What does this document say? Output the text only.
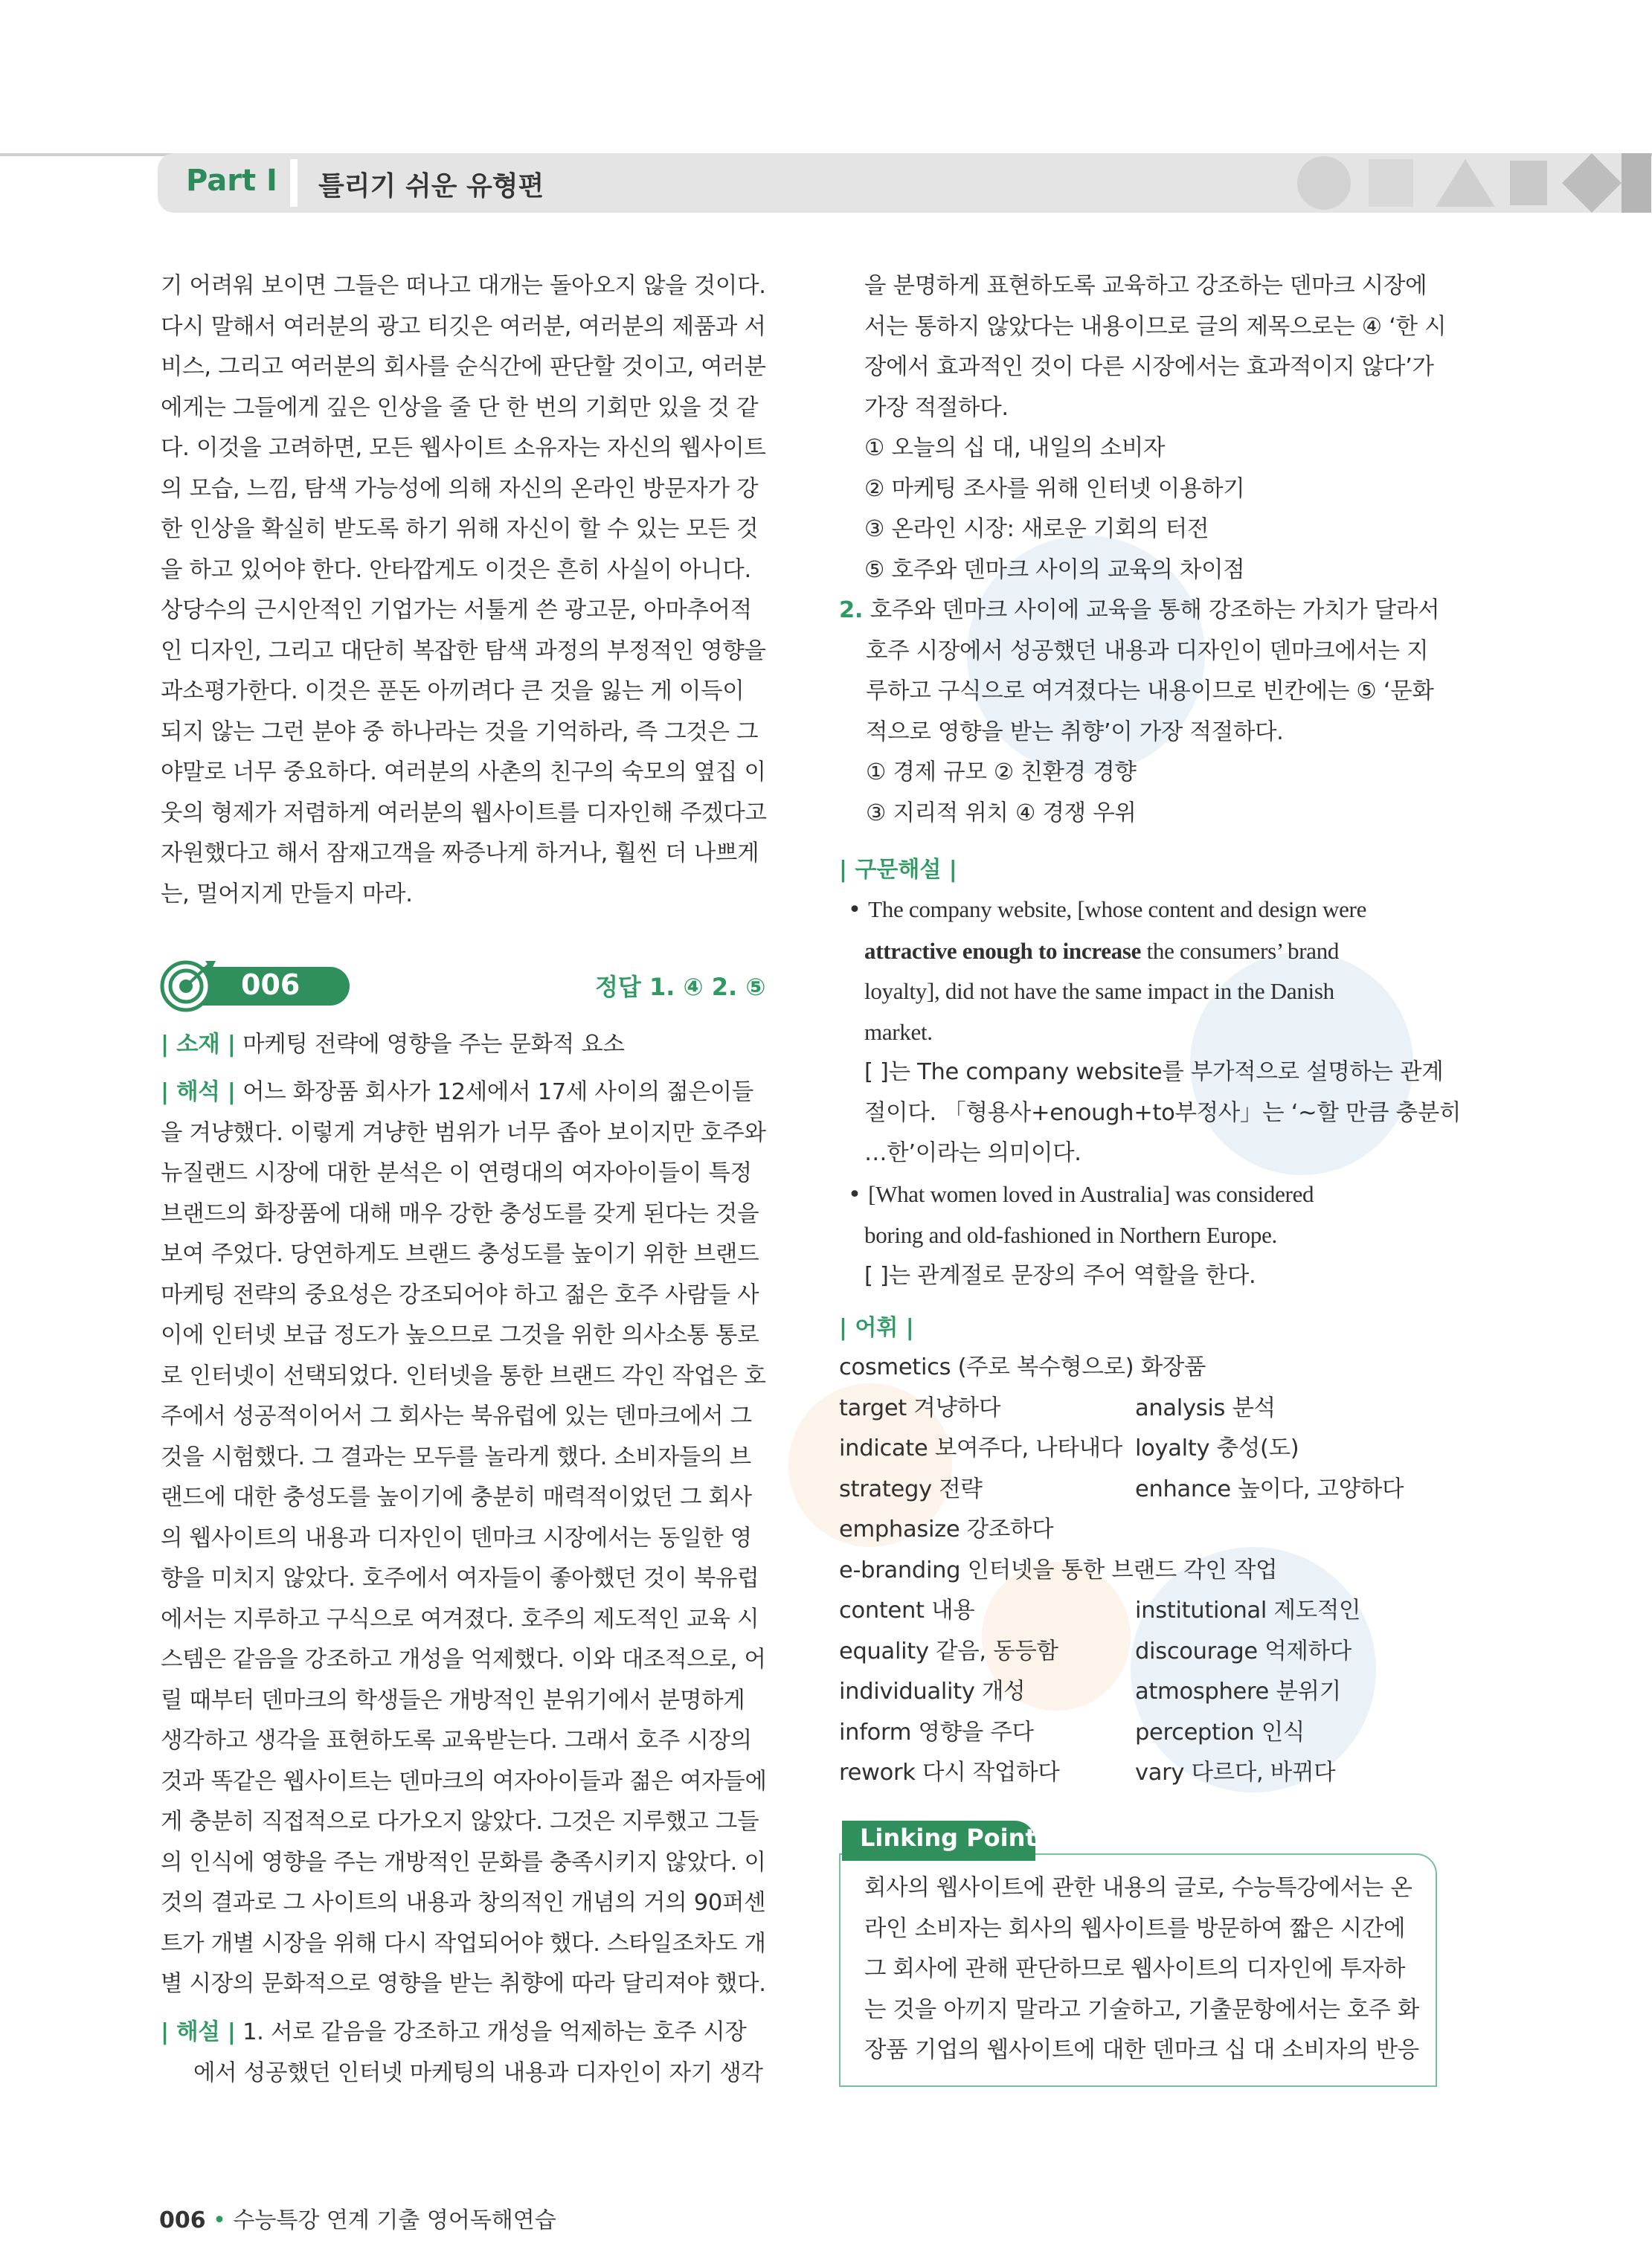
Part I 틀리기 쉬운 유형편

기 어려워 보이면 그들은 떠나고 대개는 돌아오지 않을 것이다.

다시 말해서 여러분의 광고 티깃은 여러분, 여러분의 제품과 서

비스, 그리고 여러분의 회사를 순식간에 판단할 것이고, 여러분

에게는 그들에게 깊은 인상을 줄 단 한 번의 기회만 있을 것 같

다. 이것을 고려하면, 모든 웹사이트 소유자는 자신의 웹사이트

의 모습, 느낌, 탐색 가능성에 의해 자신의 온라인 방문자가 강

한 인상을 확실히 받도록 하기 위해 자신이 할 수 있는 모든 것

을 하고 있어야 한다. 안타깝게도 이것은 흔히 사실이 아니다.

상당수의 근시안적인 기업가는 서툴게 쓴 광고문, 아마추어적

인 디자인, 그리고 대단히 복잡한 탐색 과정의 부정적인 영향을

과소평가한다. 이것은 푼돈 아끼려다 큰 것을 잃는 게 이득이

되지 않는 그런 분야 중 하나라는 것을 기억하라, 즉 그것은 그

야말로 너무 중요하다. 여러분의 사촌의 친구의 숙모의 옆집 이

웃의 형제가 저렴하게 여러분의 웹사이트를 디자인해 주겠다고

자원했다고 해서 잠재고객을 짜증나게 하거나, 훨씬 더 나쁘게

는, 멀어지게 만들지 마라.

006	정답 1. ④ 2. ⑤
| 소재 | 마케팅 전략에 영향을 주는 문화적 요소

| 해석 | 어느 화장품 회사가 12세에서 17세 사이의 젊은이들

을 겨냥했다. 이렇게 겨냥한 범위가 너무 좁아 보이지만 호주와

뉴질랜드 시장에 대한 분석은 이 연령대의 여자아이들이 특정

브랜드의 화장품에 대해 매우 강한 충성도를 갖게 된다는 것을

보여 주었다. 당연하게도 브랜드 충성도를 높이기 위한 브랜드

마케팅 전략의 중요성은 강조되어야 하고 젊은 호주 사람들 사

이에 인터넷 보급 정도가 높으므로 그것을 위한 의사소통 통로

로 인터넷이 선택되었다. 인터넷을 통한 브랜드 각인 작업은 호

주에서 성공적이어서 그 회사는 북유럽에 있는 덴마크에서 그

것을 시험했다. 그 결과는 모두를 놀라게 했다. 소비자들의 브

랜드에 대한 충성도를 높이기에 충분히 매력적이었던 그 회사

의 웹사이트의 내용과 디자인이 덴마크 시장에서는 동일한 영

향을 미치지 않았다. 호주에서 여자들이 좋아했던 것이 북유럽

에서는 지루하고 구식으로 여겨졌다. 호주의 제도적인 교육 시

스템은 같음을 강조하고 개성을 억제했다. 이와 대조적으로, 어

릴 때부터 덴마크의 학생들은 개방적인 분위기에서 분명하게

생각하고 생각을 표현하도록 교육받는다. 그래서 호주 시장의

것과 똑같은 웹사이트는 덴마크의 여자아이들과 젊은 여자들에

게 충분히 직접적으로 다가오지 않았다. 그것은 지루했고 그들

의 인식에 영향을 주는 개방적인 문화를 충족시키지 않았다. 이

것의 결과로 그 사이트의 내용과 창의적인 개념의 거의 90퍼센

트가 개별 시장을 위해 다시 작업되어야 했다. 스타일조차도 개

별 시장의 문화적으로 영향을 받는 취향에 따라 달리져야 했다.

| 해설 | 1. 서로 같음을 강조하고 개성을 억제하는 호주 시장

에서 성공했던 인터넷 마케팅의 내용과 디자인이 자기 생각

을 분명하게 표현하도록 교육하고 강조하는 덴마크 시장에

서는 통하지 않았다는 내용이므로 글의 제목으로는 ④ ‘한 시

장에서 효과적인 것이 다른 시장에서는 효과적이지 않다’가

가장 적절하다.

① 오늘의 십 대, 내일의 소비자

② 마케팅 조사를 위해 인터넷 이용하기

③ 온라인 시장: 새로운 기회의 터전

⑤ 호주와 덴마크 사이의 교육의 차이점

2. 호주와 덴마크 사이에 교육을 통해 강조하는 가치가 달라서

호주 시장에서 성공했던 내용과 디자인이 덴마크에서는 지

루하고 구식으로 여겨졌다는 내용이므로 빈칸에는 ⑤ ‘문화

적으로 영향을 받는 취향’이 가장 적절하다.

① 경제 규모 ② 친환경 경향

③ 지리적 위치 ④ 경쟁 우위

| 구문해설 |

• The company website, [whose content and design were

attractive enough to increase the consumers’ brand

loyalty], did not have the same impact in the Danish

market.

[ ]는 The company website를 부가적으로 설명하는 관계

절이다. 「형용사+enough+to부정사」는 ‘~할 만큼 충분히

…한’이라는 의미이다.

• [What women loved in Australia] was considered

boring and old-fashioned in Northern Europe.

[ ]는 관계절로 문장의 주어 역할을 한다.

| 어휘 |
cosmetics (주로 복수형으로) 화장품
target 겨냥하다	analysis 분석
indicate 보여주다, 나타내다 loyalty 충성(도)
strategy 전략	enhance 높이다, 고양하다
emphasize 강조하다
e-branding 인터넷을 통한 브랜드 각인 작업
content 내용	institutional 제도적인
equality 같음, 동등함	discourage 억제하다
individuality 개성	atmosphere 분위기
inform 영향을 주다	perception 인식
rework 다시 작업하다	vary 다르다, 바뀌다
Linking Point

회사의 웹사이트에 관한 내용의 글로, 수능특강에서는 온

라인 소비자는 회사의 웹사이트를 방문하여 짧은 시간에

그 회사에 관해 판단하므로 웹사이트의 디자인에 투자하

는 것을 아끼지 말라고 기술하고, 기출문항에서는 호주 화

장품 기업의 웹사이트에 대한 덴마크 십 대 소비자의 반응

006 • 수능특강 연계 기출 영어독해연습
